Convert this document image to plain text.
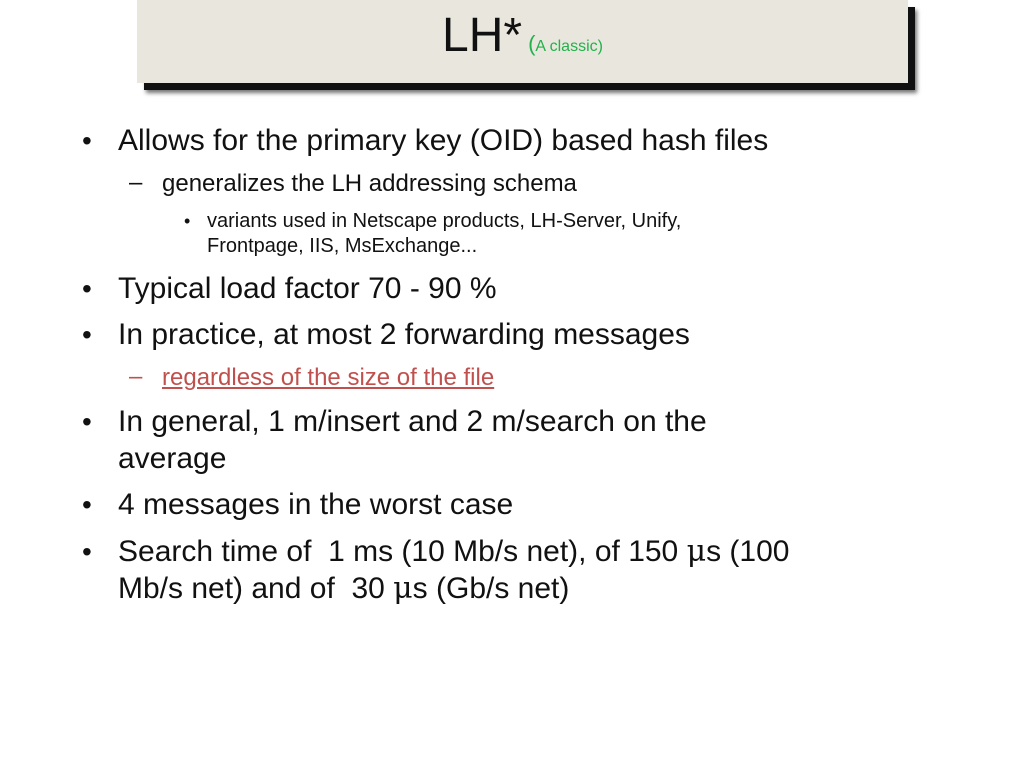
LH* (A classic)
• Allows for the primary key (OID) based hash files
– generalizes the LH addressing schema
• variants used in Netscape products, LH-Server, Unify,
Frontpage, IIS, MsExchange...
• Typical load factor 70 - 90 %
• In practice, at most 2 forwarding messages
– regardless of the size of the file
• In general, 1 m/insert and 2 m/search on the
average
• 4 messages in the worst case
• Search time of  1 ms (10 Mb/s net), of 150 μs (100
Mb/s net) and of  30 μs (Gb/s net)
